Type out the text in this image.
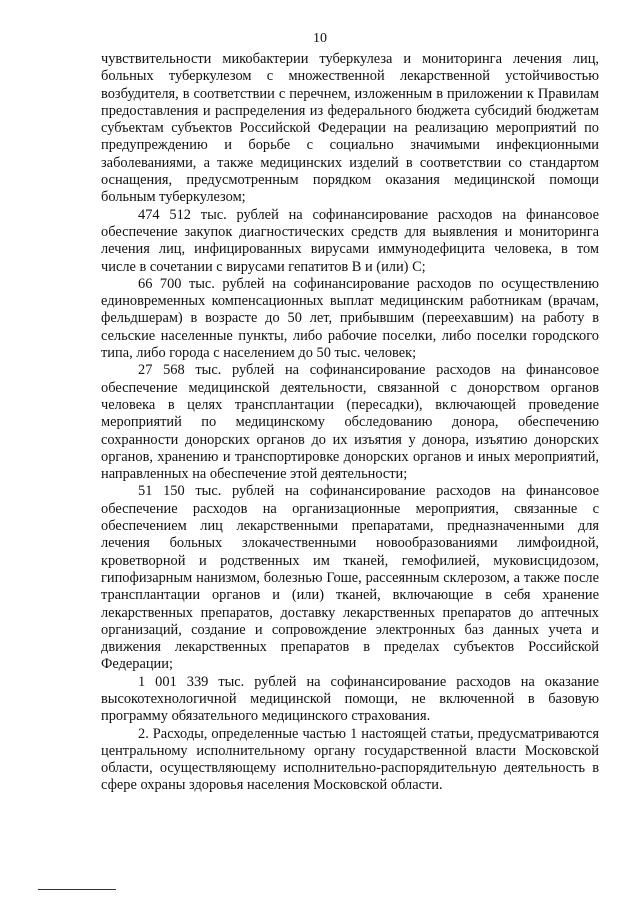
10

чувствительности микобактерии туберкулеза и мониторинга лечения лиц, больных туберкулезом с множественной лекарственной устойчивостью возбудителя, в соответствии с перечнем, изложенным в приложении к Правилам предоставления и распределения из федерального бюджета субсидий бюджетам субъектам субъектов Российской Федерации на реализацию мероприятий по предупреждению и борьбе с социально значимыми инфекционными заболеваниями, а также медицинских изделий в соответствии со стандартом оснащения, предусмотренным порядком оказания медицинской помощи больным туберкулезом;

474 512 тыс. рублей на софинансирование расходов на финансовое обеспечение закупок диагностических средств для выявления и мониторинга лечения лиц, инфицированных вирусами иммунодефицита человека, в том числе в сочетании с вирусами гепатитов В и (или) С;

66 700 тыс. рублей на софинансирование расходов по осуществлению единовременных компенсационных выплат медицинским работникам (врачам, фельдшерам) в возрасте до 50 лет, прибывшим (переехавшим) на работу в сельские населенные пункты, либо рабочие поселки, либо поселки городского типа, либо города с населением до 50 тыс. человек;

27 568 тыс. рублей на софинансирование расходов на финансовое обеспечение медицинской деятельности, связанной с донорством органов человека в целях трансплантации (пересадки), включающей проведение мероприятий по медицинскому обследованию донора, обеспечению сохранности донорских органов до их изъятия у донора, изъятию донорских органов, хранению и транспортировке донорских органов и иных мероприятий, направленных на обеспечение этой деятельности;

51 150 тыс. рублей на софинансирование расходов на финансовое обеспечение расходов на организационные мероприятия, связанные с обеспечением лиц лекарственными препаратами, предназначенными для лечения больных злокачественными новообразованиями лимфоидной, кроветворной и родственных им тканей, гемофилией, муковисцидозом, гипофизарным нанизмом, болезнью Гоше, рассеянным склерозом, а также после трансплантации органов и (или) тканей, включающие в себя хранение лекарственных препаратов, доставку лекарственных препаратов до аптечных организаций, создание и сопровождение электронных баз данных учета и движения лекарственных препаратов в пределах субъектов Российской Федерации;

1 001 339 тыс. рублей на софинансирование расходов на оказание высокотехнологичной медицинской помощи, не включенной в базовую программу обязательного медицинского страхования.

2. Расходы, определенные частью 1 настоящей статьи, предусматриваются центральному исполнительному органу государственной власти Московской области, осуществляющему исполнительно-распорядительную деятельность в сфере охраны здоровья населения Московской области.
